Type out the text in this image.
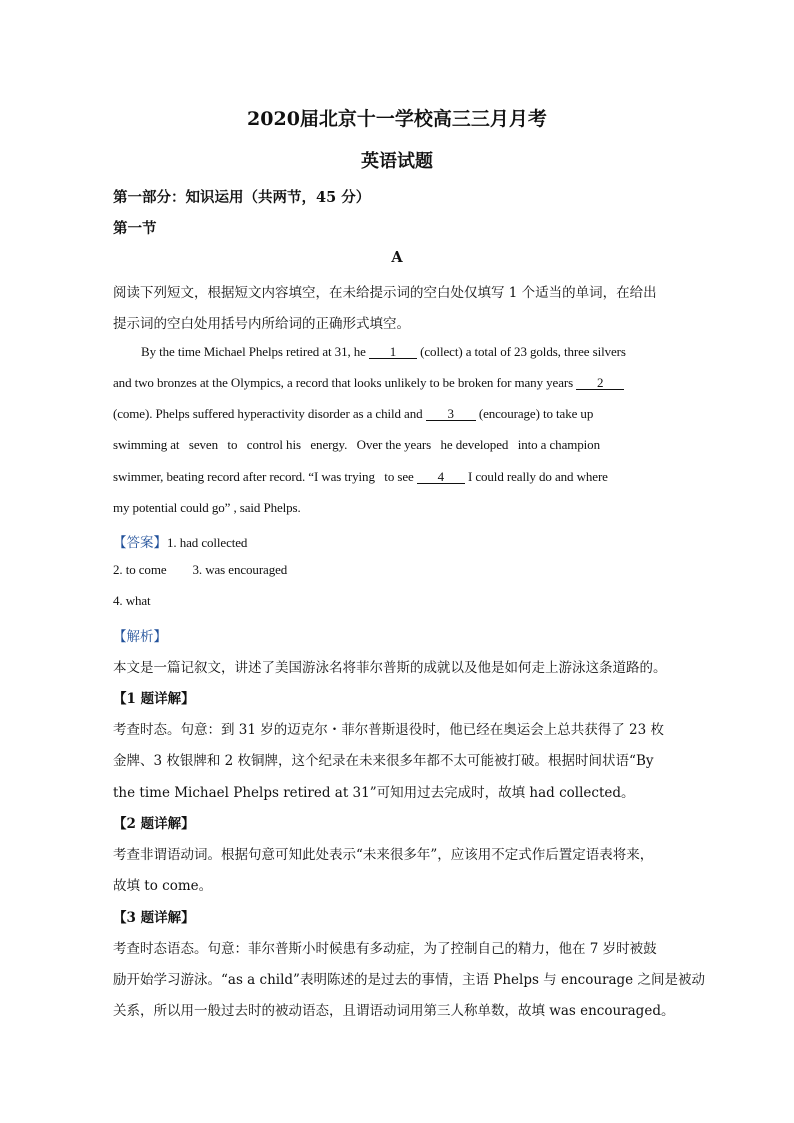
2020届北京十一学校高三三月月考
英语试题
第一部分：知识运用（共两节，45 分）
第一节
A
阅读下列短文，根据短文内容填空，在未给提示词的空白处仅填写 1 个适当的单词，在给出
提示词的空白处用括号内所给词的正确形式填空。
By the time Michael Phelps retired at 31, he 1 (collect) a total of 23 golds, three silvers
and two bronzes at the Olympics, a record that looks unlikely to be broken for many years 2
(come). Phelps suffered hyperactivity disorder as a child and 3 (encourage) to take up
swimming at   seven   to   control his   energy.   Over the years   he developed   into a champion
swimmer, beating record after record. “I was trying   to see 4 I could really do and where
my potential could go” , said Phelps.
【答案】1. had collected
2. to come 3. was encouraged
4. what
【解析】
本文是一篇记叙文，讲述了美国游泳名将菲尔普斯的成就以及他是如何走上游泳这条道路的。
【1 题详解】
考查时态。句意：到 31 岁的迈克尔・菲尔普斯退役时，他已经在奥运会上总共获得了 23 枚
金牌、3 枚银牌和 2 枚铜牌，这个纪录在未来很多年都不太可能被打破。根据时间状语“By
the time Michael Phelps retired at 31”可知用过去完成时，故填 had collected。
【2 题详解】
考查非谓语动词。根据句意可知此处表示“未来很多年”，应该用不定式作后置定语表将来，
故填 to come。
【3 题详解】
考查时态语态。句意：菲尔普斯小时候患有多动症，为了控制自己的精力，他在 7 岁时被鼓
励开始学习游泳。“as a child”表明陈述的是过去的事情，主语 Phelps 与 encourage 之间是被动
关系，所以用一般过去时的被动语态，且谓语动词用第三人称单数，故填 was encouraged。
